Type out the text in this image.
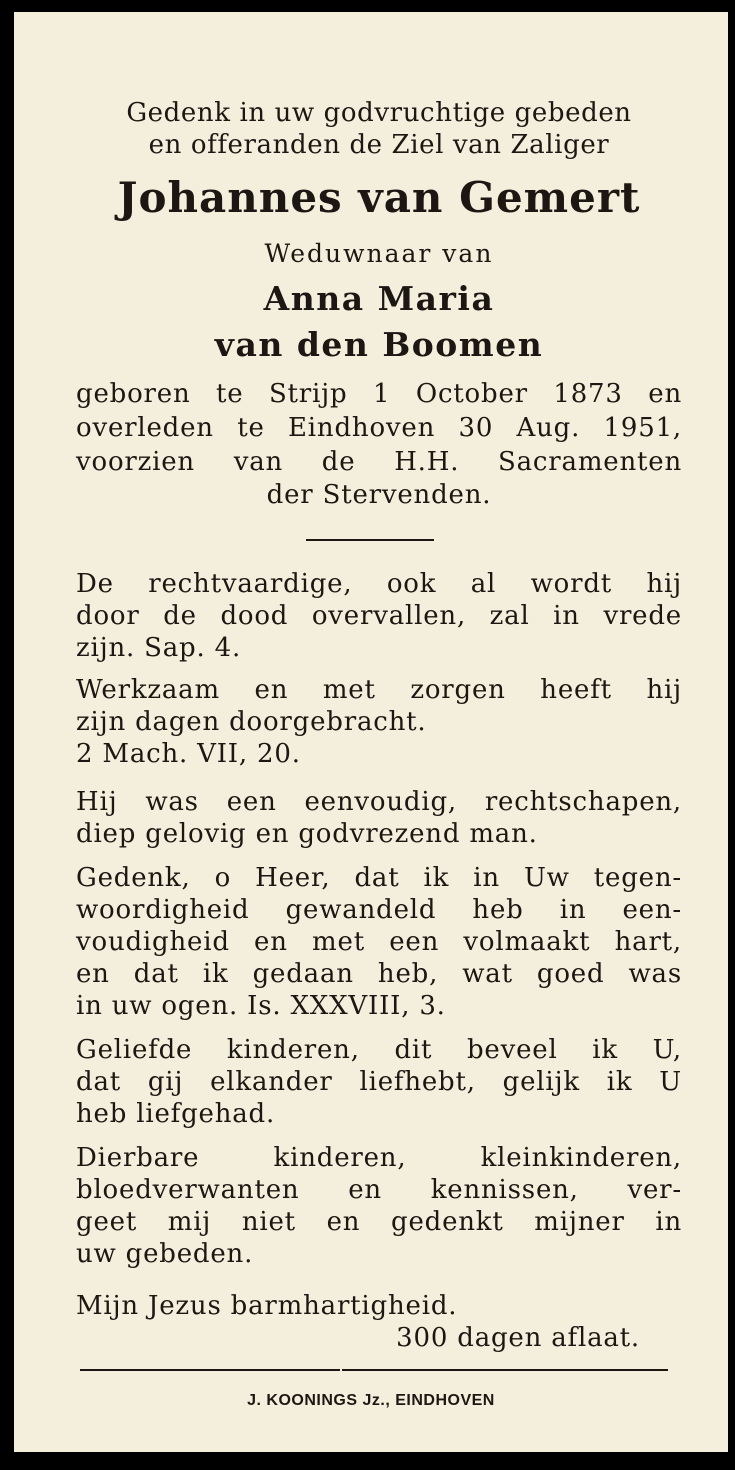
Gedenk in uw godvruchtige gebeden

en offeranden de Ziel van Zaliger

Johannes van Gemert

Weduwnaar van

Anna Maria

van den Boomen

geboren te Strijp 1 October 1873 en

overleden te Eindhoven 30 Aug. 1951,

voorzien van de H.H. Sacramenten

der Stervenden.

De rechtvaardige, ook al wordt hij

door de dood overvallen, zal in vrede

zijn. Sap. 4.

Werkzaam en met zorgen heeft hij

zijn dagen doorgebracht.

2 Mach. VII, 20.

Hij was een eenvoudig, rechtschapen,

diep gelovig en godvrezend man.

Gedenk, o Heer, dat ik in Uw tegen-

woordigheid gewandeld heb in een-

voudigheid en met een volmaakt hart,

en dat ik gedaan heb, wat goed was

in uw ogen. Is. XXXVIII, 3.

Geliefde kinderen, dit beveel ik U,

dat gij elkander liefhebt, gelijk ik U

heb liefgehad.

Dierbare kinderen, kleinkinderen,

bloedverwanten en kennissen, ver-

geet mij niet en gedenkt mijner in

uw gebeden.

Mijn Jezus barmhartigheid.

300 dagen aflaat.

J. KOONINGS Jz., EINDHOVEN
